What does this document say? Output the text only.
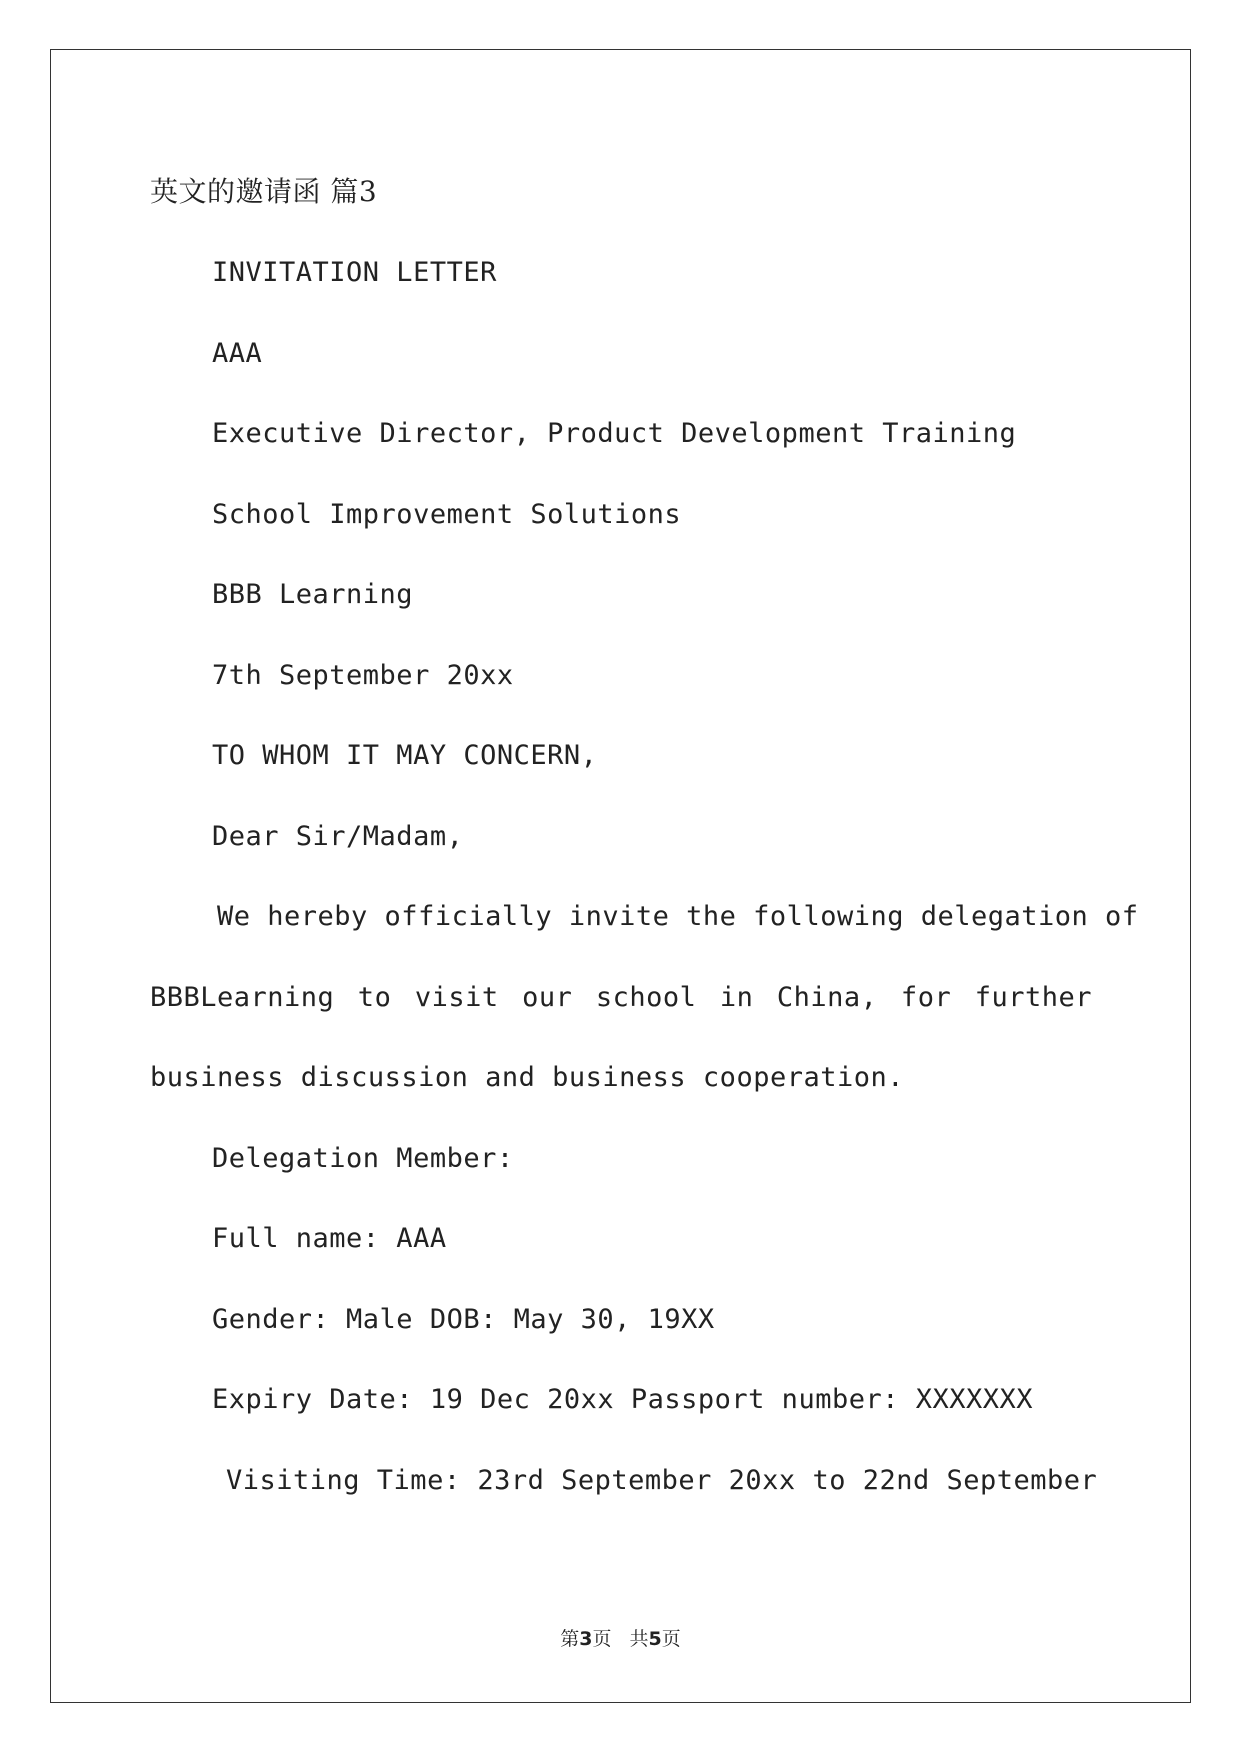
英文的邀请函 篇3
INVITATION LETTER
AAA
Executive Director, Product Development Training
School Improvement Solutions
BBB Learning
7th September 20xx
TO WHOM IT MAY CONCERN,
Dear Sir/Madam,
We hereby officially invite the following delegation of
BBBLearning to visit our school in China, for further
business discussion and business cooperation.
Delegation Member:
Full name: AAA
Gender: Male DOB: May 30, 19XX
Expiry Date: 19 Dec 20xx Passport number: XXXXXXX
Visiting Time: 23rd September 20xx to 22nd September
第3页 共5页
